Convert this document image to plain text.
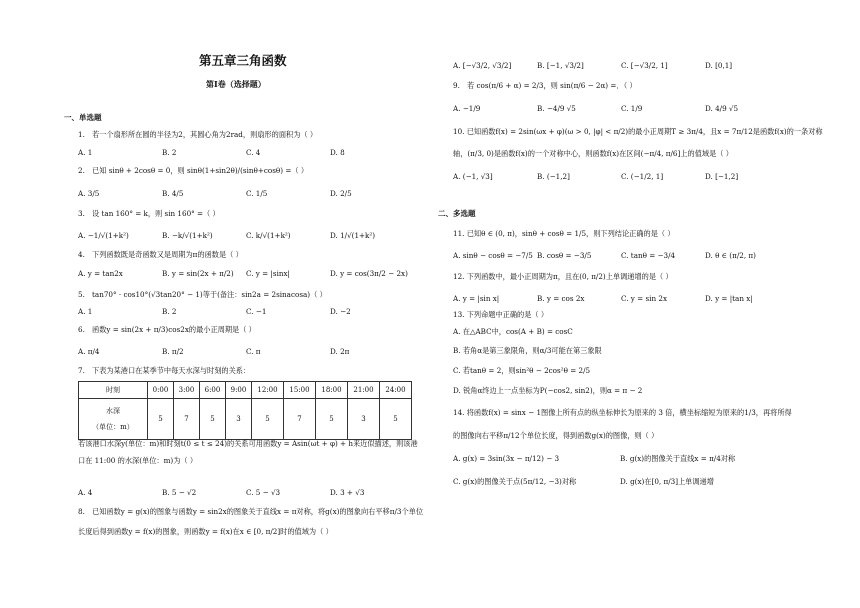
第五章三角函数
第Ⅰ卷（选择题）
一、单选题
1.　若一个扇形所在圆的半径为2，其圆心角为2rad，则扇形的面积为（ ）
A. 1	B. 2	C. 4	D. 8
2.　已知 sinθ + 2cosθ = 0，则 sinθ(1+sin2θ)/(sinθ+cosθ) =（ ）
A. 3/5	B. 4/5	C. 1/5	D. 2/5
3.　设 tan 160° = k，则 sin 160° =（ ）
A. −1/√(1+k²)	B. −k/√(1+k²)	C. k/√(1+k²)	D. 1/√(1+k²)
4.　下列函数既是奇函数又是周期为π的函数是（ ）
A. y = tan2x	B. y = sin(2x + π/2) C. y = |sinx|	D. y = cos(3π/2 − 2x)
5.　tan70° · cos10°(√3tan20° − 1)等于(备注：sin2a = 2sinacosa)（ ）
A. 1	B. 2	C. −1	D. −2
6.　函数y = sin(2x + π/3)cos2x的最小正周期是（ ）
A. π/4	B. π/2	C. π	D. 2π
7.　下表为某港口在某季节中每天水深与时刻的关系：
时刻	0:00	3:00	6:00	9:00	12:00	15:00	18:00	21:00	24:00

水深
（单位：m）	5	7	5	3	5	7	5	3	5
若该港口水深y(单位：m)和时刻t(0 ≤ t ≤ 24)的关系可用函数y = Asin(ωt + φ) + h来近似描述，则该港
口在 11:00 的水深(单位：m)为（ ）
A. 4	B. 5 − √2	C. 5 − √3	D. 3 + √3
8.　已知函数y = g(x)的图象与函数y = sin2x的图象关于直线x = π对称，将g(x)的图象向右平移π/3个单位
长度后得到函数y = f(x)的图象，则函数y = f(x)在x ∈ [0, π/2]时的值域为（ ）
A. [−√3/2, √3/2]	B. [−1, √3/2]	C. [−√3/2, 1]	D. [0,1]
9.　若 cos(π/6 + α) = 2/3，则 sin(π/6 − 2α) =．（ ）
A. −1/9	B. −4/9 √5	C. 1/9	D. 4/9 √5
10. 已知函数f(x) = 2sin(ωx + φ)(ω > 0, |φ| < π/2)的最小正周期T ≥ 3π/4，且x = 7π/12是函数f(x)的一条对称
轴，(π/3, 0)是函数f(x)的一个对称中心，则函数f(x)在区间(−π/4, π/6]上的值域是（ ）
A. (−1, √3]	B. (−1,2]	C. (−1/2, 1]	D. [−1,2]
二、多选题
11. 已知θ ∈ (0, π)，sinθ + cosθ = 1/5，则下列结论正确的是（ ）
A. sinθ − cosθ = −7/5 B. cosθ = −3/5	C. tanθ = −3/4	D. θ ∈ (π/2, π)
12. 下列函数中，最小正周期为π，且在(0, π/2)上单调递增的是（ ）
A. y = |sin x|	B. y = cos 2x	C. y = sin 2x	D. y = |tan x|
13. 下列命题中正确的是（ ）
A. 在△ABC中，cos(A + B) = cosC
B. 若角α是第三象限角，则α/3可能在第三象限
C. 若tanθ = 2，则sin²θ − 2cos²θ = 2/5
D. 锐角α终边上一点坐标为P(−cos2, sin2)，则α = π − 2
14. 将函数f(x) = sinx − 1图像上所有点的纵坐标伸长为原来的 3 倍，横坐标缩短为原来的1/3，再将所得
的图像向右平移π/12个单位长度，得到函数g(x)的图像，则（ ）
A. g(x) = 3sin(3x − π/12) − 3	B. g(x)的图像关于直线x = π/4对称
C. g(x)的图像关于点(5π/12, −3)对称	D. g(x)在[0, π/3]上单调递增
